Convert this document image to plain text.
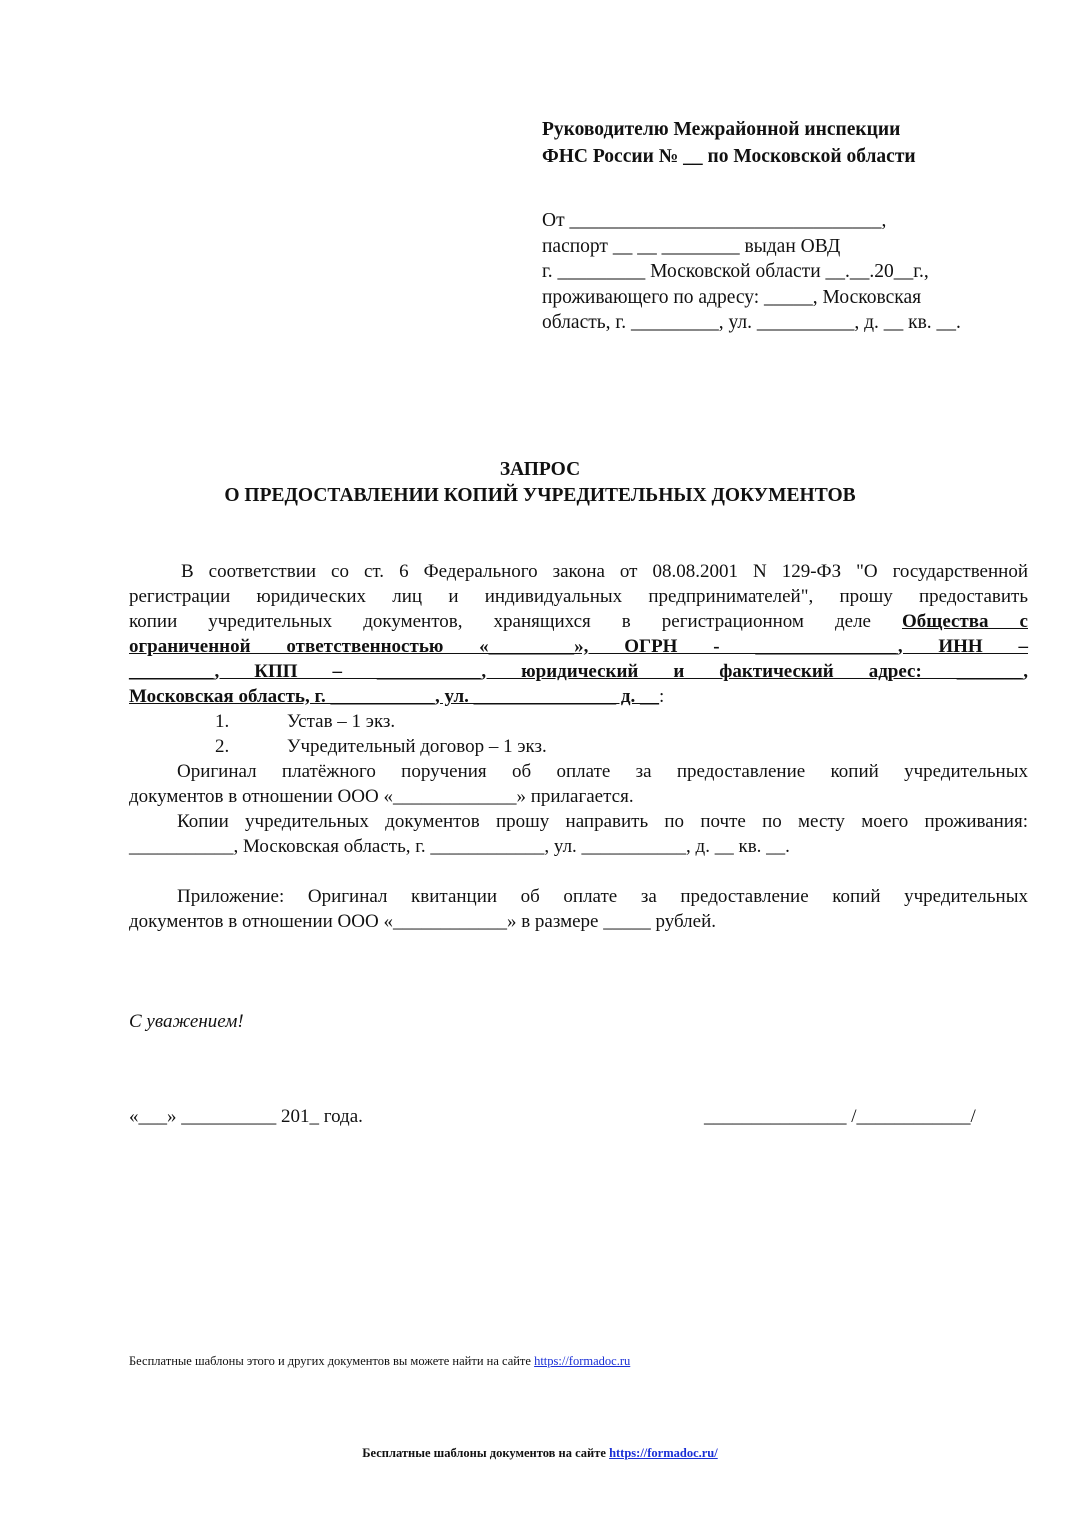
Руководителю Межрайонной инспекции
ФНС России № __ по Московской области
От ________________________________,
паспорт __ __ ________ выдан ОВД
г. _________ Московской области __.__.20__г.,
проживающего по адресу: _____, Московская
область, г. _________, ул. __________, д. __ кв. __.
ЗАПРОС
О ПРЕДОСТАВЛЕНИИ КОПИЙ УЧРЕДИТЕЛЬНЫХ ДОКУМЕНТОВ
В соответствии со ст. 6 Федерального закона от 08.08.2001 N 129-ФЗ "О государственной
регистрации юридических лиц и индивидуальных предпринимателей", прошу предоставить
копии учредительных документов, хранящихся в регистрационном деле Общества с
ограниченной ответственностью «_________», ОГРН - _______________, ИНН –
_________, КПП – ___________, юридический и фактический адрес: _______,
Московская область, г. ___________, ул. _______________ д. __:
1.	Устав – 1 экз.
2.	Учредительный договор – 1 экз.
Оригинал платёжного поручения об оплате за предоставление копий учредительных
документов в отношении ООО «_____________» прилагается.
Копии учредительных документов прошу направить по почте по месту моего проживания:
___________, Московская область, г. ____________, ул. ___________, д. __ кв. __.
Приложение: Оригинал квитанции об оплате за предоставление копий учредительных
документов в отношении ООО «____________» в размере _____ рублей.
С уважением!
«___» __________ 201_ года.	_______________ /____________/
Бесплатные шаблоны этого и других документов вы можете найти на сайте https://formadoc.ru
Бесплатные шаблоны документов на сайте https://formadoc.ru/
